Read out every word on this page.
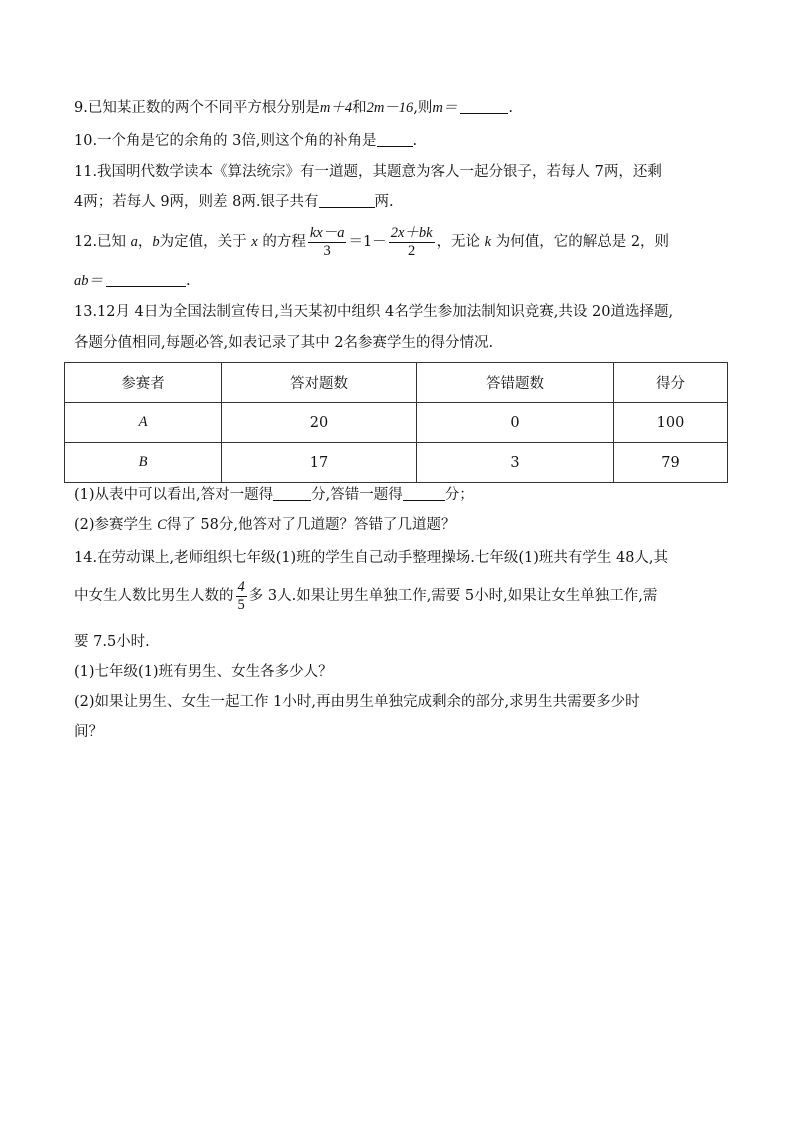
9.已知某正数的两个不同平方根分别是m＋4和2m－16,则m＝	.
10.一个角是它的余角的 3倍,则这个角的补角是 .
11.我国明代数学读本《算法统宗》有一道题，其题意为客人一起分银子，若每人 7两，还剩
4两；若每人 9两，则差 8两.银子共有	两.
12.已知 a，b为定值，关于 x 的方程 $\frac{kx-a}{3} =1- \frac{2x+bk}{2}$ ，无论 k 为何值，它的解总是 2，则
ab＝	.
13.12月 4日为全国法制宣传日,当天某初中组织 4名学生参加法制知识竞赛,共设 20道选择题,
各题分值相同,每题必答,如表记录了其中 2名参赛学生的得分情况.
参赛者	答对题数	答错题数	得分
A	20	0	100
B	17	3	79
(1)从表中可以看出,答对一题得	分,答错一题得	分；
(2)参赛学生 C得了 58分,他答对了几道题？答错了几道题？
14.在劳动课上,老师组织七年级(1)班的学生自己动手整理操场.七年级(1)班共有学生 48人,其
中女生人数比男生人数的 $\frac{4}{5}$ 多 3人.如果让男生单独工作,需要 5小时,如果让女生单独工作,需
要 7.5小时.
(1)七年级(1)班有男生、女生各多少人？
(2)如果让男生、女生一起工作 1小时,再由男生单独完成剩余的部分,求男生共需要多少时
间？
